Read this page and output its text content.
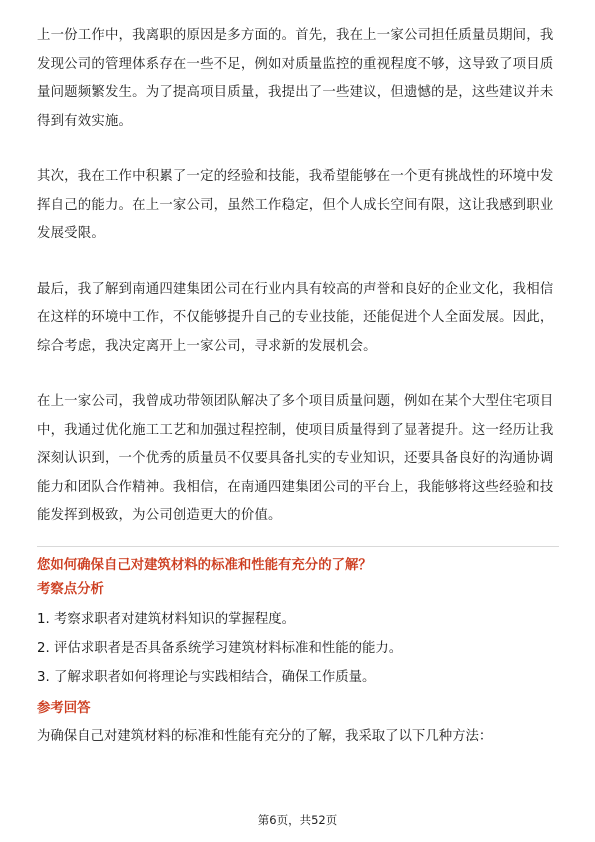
上一份工作中，我离职的原因是多方面的。首先，我在上一家公司担任质量员期间，我发现公司的管理体系存在一些不足，例如对质量监控的重视程度不够，这导致了项目质量问题频繁发生。为了提高项目质量，我提出了一些建议，但遗憾的是，这些建议并未得到有效实施。

其次，我在工作中积累了一定的经验和技能，我希望能够在一个更有挑战性的环境中发挥自己的能力。在上一家公司，虽然工作稳定，但个人成长空间有限，这让我感到职业发展受限。

最后，我了解到南通四建集团公司在行业内具有较高的声誉和良好的企业文化，我相信在这样的环境中工作，不仅能够提升自己的专业技能，还能促进个人全面发展。因此，综合考虑，我决定离开上一家公司，寻求新的发展机会。

在上一家公司，我曾成功带领团队解决了多个项目质量问题，例如在某个大型住宅项目中，我通过优化施工工艺和加强过程控制，使项目质量得到了显著提升。这一经历让我深刻认识到，一个优秀的质量员不仅要具备扎实的专业知识，还要具备良好的沟通协调能力和团队合作精神。我相信，在南通四建集团公司的平台上，我能够将这些经验和技能发挥到极致，为公司创造更大的价值。

您如何确保自己对建筑材料的标准和性能有充分的了解？
考察点分析
1. 考察求职者对建筑材料知识的掌握程度。
2. 评估求职者是否具备系统学习建筑材料标准和性能的能力。
3. 了解求职者如何将理论与实践相结合，确保工作质量。
参考回答

为确保自己对建筑材料的标准和性能有充分的了解，我采取了以下几种方法：

第6页，共52页
